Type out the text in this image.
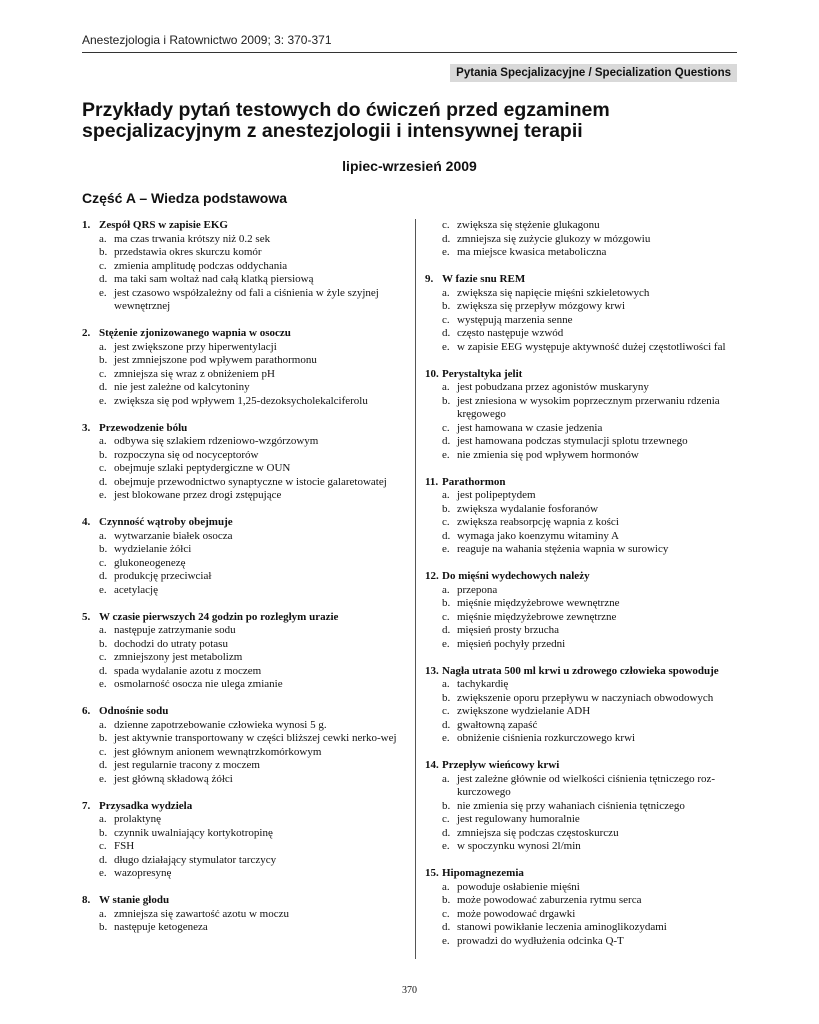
Anestezjologia i Ratownictwo 2009; 3: 370-371
Pytania Specjalizacyjne / Specialization Questions
Przykłady pytań testowych do ćwiczeń przed egzaminem
specjalizacyjnym z anestezjologii i intensywnej terapii
lipiec-wrzesień 2009
Część A – Wiedza podstawowa
1. Zespół QRS w zapisie EKG
a. ma czas trwania krótszy niż 0.2 sek
b. przedstawia okres skurczu komór
c. zmienia amplitudę podczas oddychania
d. ma taki sam woltaż nad całą klatką piersiową
e. jest czasowo współzależny od fali a ciśnienia w żyle szyjnej wewnętrznej
2. Stężenie zjonizowanego wapnia w osoczu
a. jest zwiększone przy hiperwentylacji
b. jest zmniejszone pod wpływem parathormonu
c. zmniejsza się wraz z obniżeniem pH
d. nie jest zależne od kalcytoniny
e. zwiększa się pod wpływem 1,25-dezoksycholekalciferolu
3. Przewodzenie bólu
a. odbywa się szlakiem rdzeniowo-wzgórzowym
b. rozpoczyna się od nocyceptorów
c. obejmuje szlaki peptydergiczne w OUN
d. obejmuje przewodnictwo synaptyczne w istocie galaretowatej
e. jest blokowane przez drogi zstępujące
4. Czynność wątroby obejmuje
a. wytwarzanie białek osocza
b. wydzielanie żółci
c. glukoneogenezę
d. produkcję przeciwciał
e. acetylację
5. W czasie pierwszych 24 godzin po rozległym urazie
a. następuje zatrzymanie sodu
b. dochodzi do utraty potasu
c. zmniejszony jest metabolizm
d. spada wydalanie azotu z moczem
e. osmolarność osocza nie ulega zmianie
6. Odnośnie sodu
a. dzienne zapotrzebowanie człowieka wynosi 5 g.
b. jest aktywnie transportowany w części bliższej cewki nerko-wej
c. jest głównym anionem wewnątrzkomórkowym
d. jest regularnie tracony z moczem
e. jest główną składową żółci
7. Przysadka wydziela
a. prolaktynę
b. czynnik uwalniający kortykotropinę
c. FSH
d. długo działający stymulator tarczycy
e. wazopresynę
8. W stanie głodu
a. zmniejsza się zawartość azotu w moczu
b. następuje ketogeneza
c. zwiększa się stężenie glukagonu
d. zmniejsza się zużycie glukozy w mózgowiu
e. ma miejsce kwasica metaboliczna
9. W fazie snu REM
a. zwiększa się napięcie mięśni szkieletowych
b. zwiększa się przepływ mózgowy krwi
c. występują marzenia senne
d. często następuje wzwód
e. w zapisie EEG występuje aktywność dużej częstotliwości fal
10. Perystaltyka jelit
a. jest pobudzana przez agonistów muskaryny
b. jest zniesiona w wysokim poprzecznym przerwaniu rdzenia kręgowego
c. jest hamowana w czasie jedzenia
d. jest hamowana podczas stymulacji splotu trzewnego
e. nie zmienia się pod wpływem hormonów
11. Parathormon
a. jest polipeptydem
b. zwiększa wydalanie fosforanów
c. zwiększa reabsorpcję wapnia z kości
d. wymaga jako koenzymu witaminy A
e. reaguje na wahania stężenia wapnia w surowicy
12. Do mięśni wydechowych należy
a. przepona
b. mięśnie międzyżebrowe wewnętrzne
c. mięśnie międzyżebrowe zewnętrzne
d. mięsień prosty brzucha
e. mięsień pochyły przedni
13. Nagła utrata 500 ml krwi u zdrowego człowieka spowoduje
a. tachykardię
b. zwiększenie oporu przepływu w naczyniach obwodowych
c. zwiększone wydzielanie ADH
d. gwałtowną zapaść
e. obniżenie ciśnienia rozkurczowego krwi
14. Przepływ wieńcowy krwi
a. jest zależne głównie od wielkości ciśnienia tętniczego roz-kurczowego
b. nie zmienia się przy wahaniach ciśnienia tętniczego
c. jest regulowany humoralnie
d. zmniejsza się podczas częstoskurczu
e. w spoczynku wynosi 2l/min
15. Hipomagnezemia
a. powoduje osłabienie mięśni
b. może powodować zaburzenia rytmu serca
c. może powodować drgawki
d. stanowi powikłanie leczenia aminoglikozydami
e. prowadzi do wydłużenia odcinka Q-T
370
